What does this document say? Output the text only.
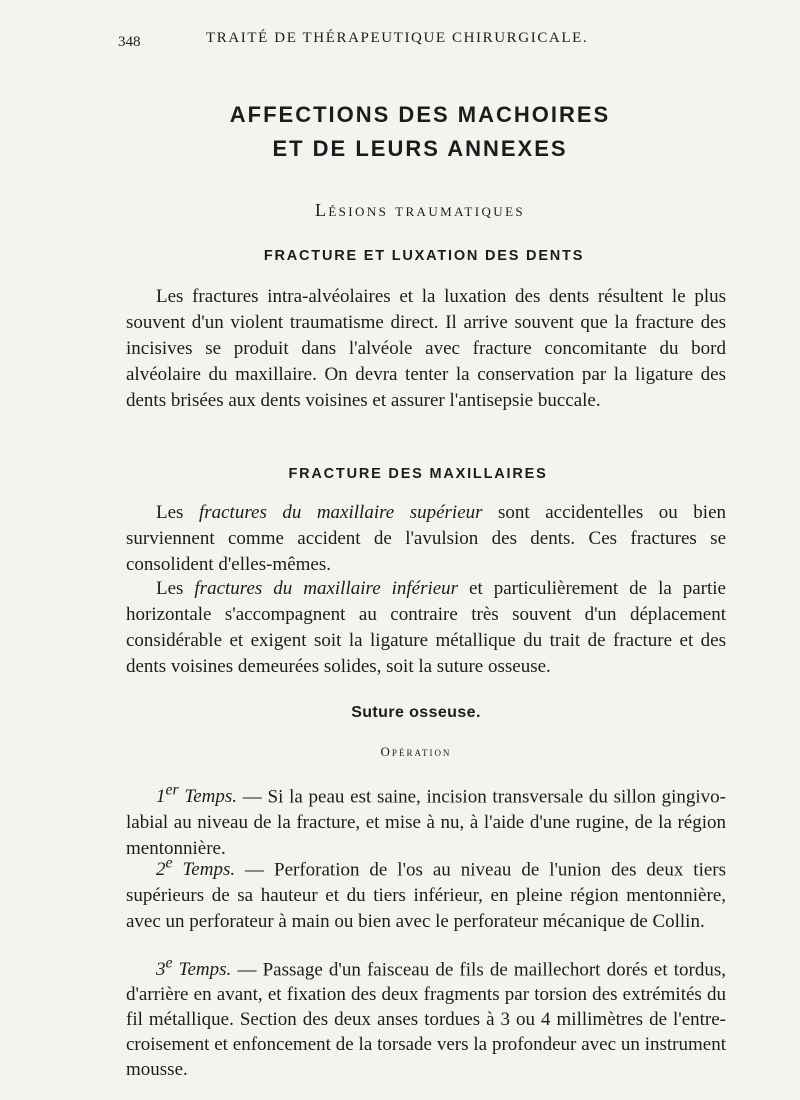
348	TRAITÉ DE THÉRAPEUTIQUE CHIRURGICALE.
AFFECTIONS DES MACHOIRES
ET DE LEURS ANNEXES
Lésions traumatiques
FRACTURE ET LUXATION DES DENTS

Les fractures intra-alvéolaires et la luxation des dents résultent le plus souvent d'un violent traumatisme direct. Il arrive souvent que la fracture des incisives se produit dans l'alvéole avec fracture concomitante du bord alvéolaire du maxillaire. On devra tenter la conservation par la ligature des dents brisées aux dents voisines et assurer l'antisepsie buccale.

FRACTURE DES MAXILLAIRES

Les fractures du maxillaire supérieur sont accidentelles ou bien surviennent comme accident de l'avulsion des dents. Ces fractures se consolident d'elles-mêmes.

Les fractures du maxillaire inférieur et particulièrement de la partie horizontale s'accompagnent au contraire très souvent d'un déplacement considérable et exigent soit la ligature métallique du trait de fracture et des dents voisines demeurées solides, soit la suture osseuse.

Suture osseuse.
Opération

1er Temps. — Si la peau est saine, incision transversale du sillon gingivo-labial au niveau de la fracture, et mise à nu, à l'aide d'une rugine, de la région mentonnière.

2e Temps. — Perforation de l'os au niveau de l'union des deux tiers supérieurs de sa hauteur et du tiers inférieur, en pleine région mentonnière, avec un perforateur à main ou bien avec le perforateur mécanique de Collin.

3e Temps. — Passage d'un faisceau de fils de maillechort dorés et tordus, d'arrière en avant, et fixation des deux fragments par torsion des extrémités du fil métallique. Section des deux anses tordues à 3 ou 4 millimètres de l'entre-croisement et enfoncement de la torsade vers la profondeur avec un instrument mousse.
